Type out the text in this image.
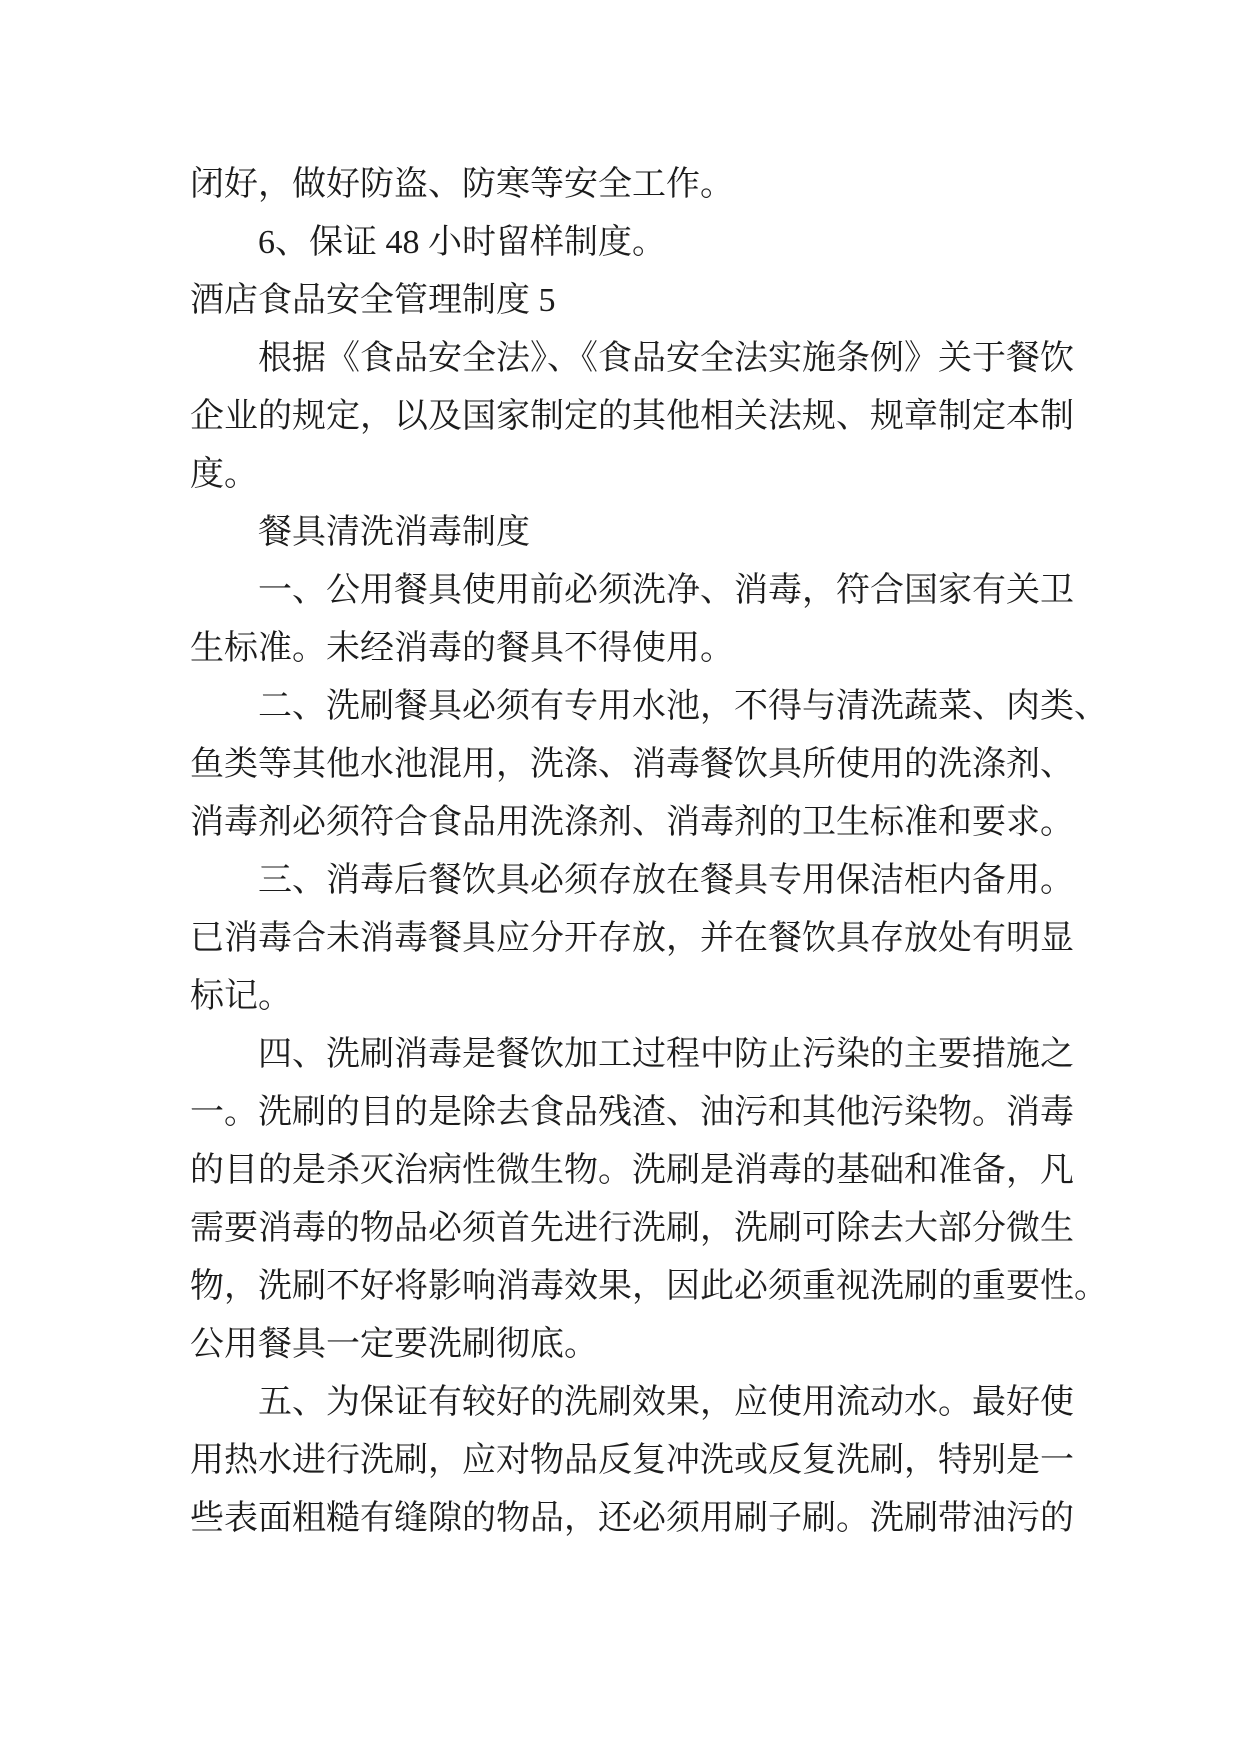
闭好，做好防盗、防寒等安全工作。
6、保证 48 小时留样制度。
酒店食品安全管理制度 5
根据《食品安全法》、《食品安全法实施条例》关于餐饮
企业的规定，以及国家制定的其他相关法规、规章制定本制
度。
餐具清洗消毒制度
一、公用餐具使用前必须洗净、消毒，符合国家有关卫
生标准。未经消毒的餐具不得使用。
二、洗刷餐具必须有专用水池，不得与清洗蔬菜、肉类、
鱼类等其他水池混用，洗涤、消毒餐饮具所使用的洗涤剂、
消毒剂必须符合食品用洗涤剂、消毒剂的卫生标准和要求。
三、消毒后餐饮具必须存放在餐具专用保洁柜内备用。
已消毒合未消毒餐具应分开存放，并在餐饮具存放处有明显
标记。
四、洗刷消毒是餐饮加工过程中防止污染的主要措施之
一。洗刷的目的是除去食品残渣、油污和其他污染物。消毒
的目的是杀灭治病性微生物。洗刷是消毒的基础和准备，凡
需要消毒的物品必须首先进行洗刷，洗刷可除去大部分微生
物，洗刷不好将影响消毒效果，因此必须重视洗刷的重要性。
公用餐具一定要洗刷彻底。
五、为保证有较好的洗刷效果，应使用流动水。最好使
用热水进行洗刷，应对物品反复冲洗或反复洗刷，特别是一
些表面粗糙有缝隙的物品，还必须用刷子刷。洗刷带油污的
